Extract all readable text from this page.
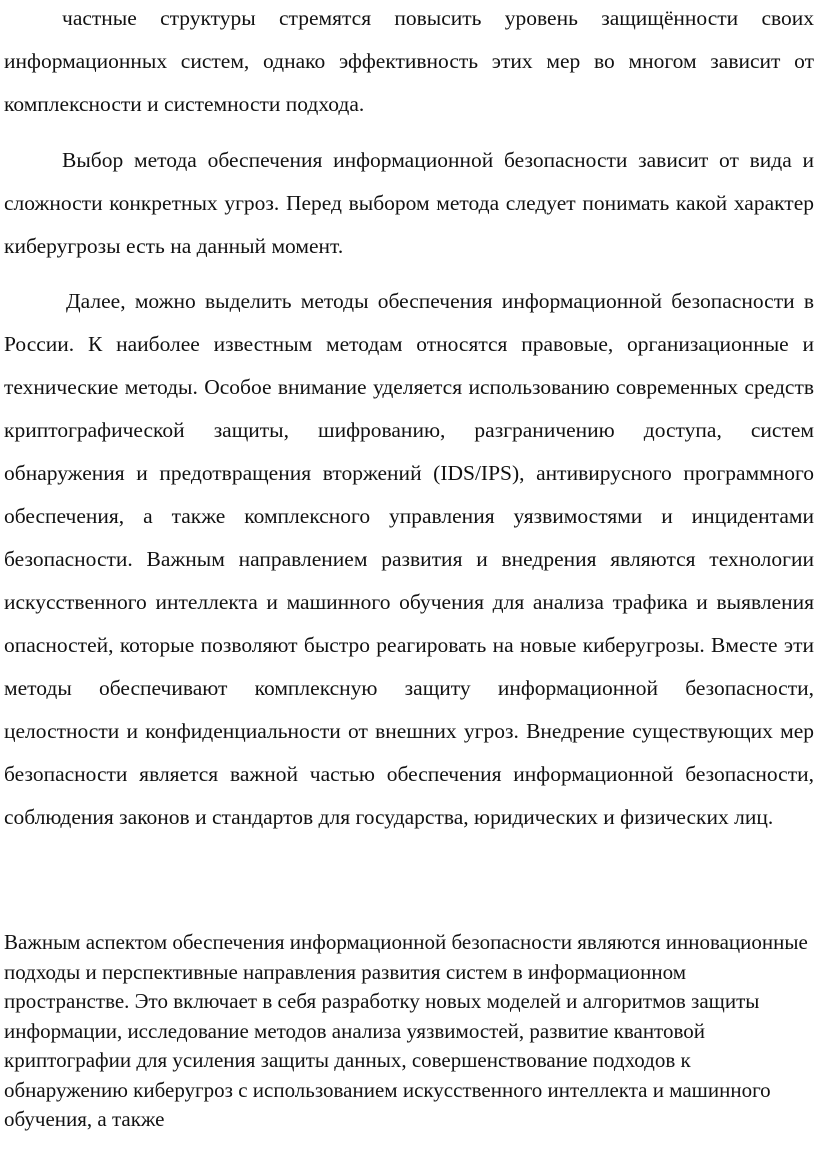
частные структуры стремятся повысить уровень защищённости своих информационных систем, однако эффективность этих мер во многом зависит от комплексности и системности подхода.

Выбор метода обеспечения информационной безопасности зависит от вида и сложности конкретных угроз. Перед выбором метода следует понимать какой характер киберугрозы есть на данный момент.

Далее, можно выделить методы обеспечения информационной безопасности в России. К наиболее известным методам относятся правовые, организационные и технические методы. Особое внимание уделяется использованию современных средств криптографической защиты, шифрованию, разграничению доступа, систем обнаружения и предотвращения вторжений (IDS/IPS), антивирусного программного обеспечения, а также комплексного управления уязвимостями и инцидентами безопасности. Важным направлением развития и внедрения являются технологии искусственного интеллекта и машинного обучения для анализа трафика и выявления опасностей, которые позволяют быстро реагировать на новые киберугрозы. Вместе эти методы обеспечивают комплексную защиту информационной безопасности, целостности и конфиденциальности от внешних угроз. Внедрение существующих мер безопасности является важной частью обеспечения информационной безопасности, соблюдения законов и стандартов для государства, юридических и физических лиц.

Важным аспектом обеспечения информационной безопасности являются инновационные подходы и перспективные направления развития систем в информационном пространстве. Это включает в себя разработку новых моделей и алгоритмов защиты информации, исследование методов анализа уязвимостей, развитие квантовой криптографии для усиления защиты данных, совершенствование подходов к обнаружению киберугроз с использованием искусственного интеллекта и машинного обучения, а также
